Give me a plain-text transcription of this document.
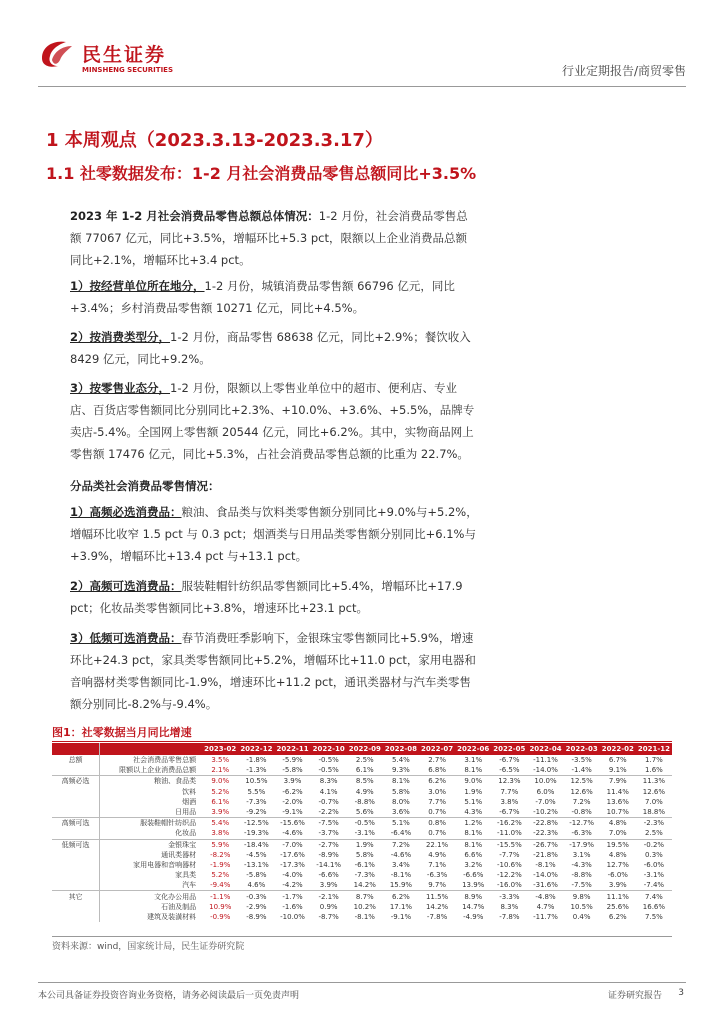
民生证券
MINSHENG SECURITIES	行业定期报告/商贸零售
1 本周观点（2023.3.13-2023.3.17）
1.1 社零数据发布：1-2 月社会消费品零售总额同比+3.5%
2023 年 1-2 月社会消费品零售总额总体情况：1-2 月份，社会消费品零售总额 77067 亿元，同比+3.5%，增幅环比+5.3 pct，限额以上企业消费品总额同比+2.1%，增幅环比+3.4 pct。
1）按经营单位所在地分，1-2 月份，城镇消费品零售额 66796 亿元，同比+3.4%；乡村消费品零售额 10271 亿元，同比+4.5%。
2）按消费类型分，1-2 月份，商品零售 68638 亿元，同比+2.9%；餐饮收入 8429 亿元，同比+9.2%。
3）按零售业态分，1-2 月份，限额以上零售业单位中的超市、便利店、专业店、百货店零售额同比分别同比+2.3%、+10.0%、+3.6%、+5.5%，品牌专卖店-5.4%。全国网上零售额 20544 亿元，同比+6.2%。其中，实物商品网上零售额 17476 亿元，同比+5.3%，占社会消费品零售总额的比重为 22.7%。
分品类社会消费品零售情况：
1）高频必选消费品：粮油、食品类与饮料类零售额分别同比+9.0%与+5.2%，增幅环比收窄 1.5 pct 与 0.3 pct；烟酒类与日用品类零售额分别同比+6.1%与+3.9%，增幅环比+13.4 pct 与+13.1 pct。
2）高频可选消费品：服装鞋帽针纺织品零售额同比+5.4%，增幅环比+17.9 pct；化妆品类零售额同比+3.8%，增速环比+23.1 pct。
3）低频可选消费品：春节消费旺季影响下，金银珠宝零售额同比+5.9%，增速环比+24.3 pct，家具类零售额同比+5.2%，增幅环比+11.0 pct，家用电器和音响器材类零售额同比-1.9%，增速环比+11.2 pct，通讯类器材与汽车类零售额分别同比-8.2%与-9.4%。
图1：社零数据当月同比增速
		2023-02	2022-12	2022-11	2022-10	2022-09	2022-08	2022-07	2022-06	2022-05	2022-04	2022-03	2022-02	2021-12
总额	社会消费品零售总额	3.5%	-1.8%	-5.9%	-0.5%	2.5%	5.4%	2.7%	3.1%	-6.7%	-11.1%	-3.5%	6.7%	1.7%
	限额以上企业消费品总额	2.1%	-1.3%	-5.8%	-0.5%	6.1%	9.3%	6.8%	8.1%	-6.5%	-14.0%	-1.4%	9.1%	1.6%
高频必选	粮油、食品类	9.0%	10.5%	3.9%	8.3%	8.5%	8.1%	6.2%	9.0%	12.3%	10.0%	12.5%	7.9%	11.3%
	饮料	5.2%	5.5%	-6.2%	4.1%	4.9%	5.8%	3.0%	1.9%	7.7%	6.0%	12.6%	11.4%	12.6%
	烟酒	6.1%	-7.3%	-2.0%	-0.7%	-8.8%	8.0%	7.7%	5.1%	3.8%	-7.0%	7.2%	13.6%	7.0%
	日用品	3.9%	-9.2%	-9.1%	-2.2%	5.6%	3.6%	0.7%	4.3%	-6.7%	-10.2%	-0.8%	10.7%	18.8%
高频可选	服装鞋帽针纺织品	5.4%	-12.5%	-15.6%	-7.5%	-0.5%	5.1%	0.8%	1.2%	-16.2%	-22.8%	-12.7%	4.8%	-2.3%
	化妆品	3.8%	-19.3%	-4.6%	-3.7%	-3.1%	-6.4%	0.7%	8.1%	-11.0%	-22.3%	-6.3%	7.0%	2.5%
低频可选	金银珠宝	5.9%	-18.4%	-7.0%	-2.7%	1.9%	7.2%	22.1%	8.1%	-15.5%	-26.7%	-17.9%	19.5%	-0.2%
	通讯类器材	-8.2%	-4.5%	-17.6%	-8.9%	5.8%	-4.6%	4.9%	6.6%	-7.7%	-21.8%	3.1%	4.8%	0.3%
	家用电器和音响器材	-1.9%	-13.1%	-17.3%	-14.1%	-6.1%	3.4%	7.1%	3.2%	-10.6%	-8.1%	-4.3%	12.7%	-6.0%
	家具类	5.2%	-5.8%	-4.0%	-6.6%	-7.3%	-8.1%	-6.3%	-6.6%	-12.2%	-14.0%	-8.8%	-6.0%	-3.1%
	汽车	-9.4%	4.6%	-4.2%	3.9%	14.2%	15.9%	9.7%	13.9%	-16.0%	-31.6%	-7.5%	3.9%	-7.4%
其它	文化办公用品	-1.1%	-0.3%	-1.7%	-2.1%	8.7%	6.2%	11.5%	8.9%	-3.3%	-4.8%	9.8%	11.1%	7.4%
	石油及制品	10.9%	-2.9%	-1.6%	0.9%	10.2%	17.1%	14.2%	14.7%	8.3%	4.7%	10.5%	25.6%	16.6%
	建筑及装潢材料	-0.9%	-8.9%	-10.0%	-8.7%	-8.1%	-9.1%	-7.8%	-4.9%	-7.8%	-11.7%	0.4%	6.2%	7.5%
资料来源：wind，国家统计局，民生证券研究院
本公司具备证券投资咨询业务资格，请务必阅读最后一页免责声明	证券研究报告 3
